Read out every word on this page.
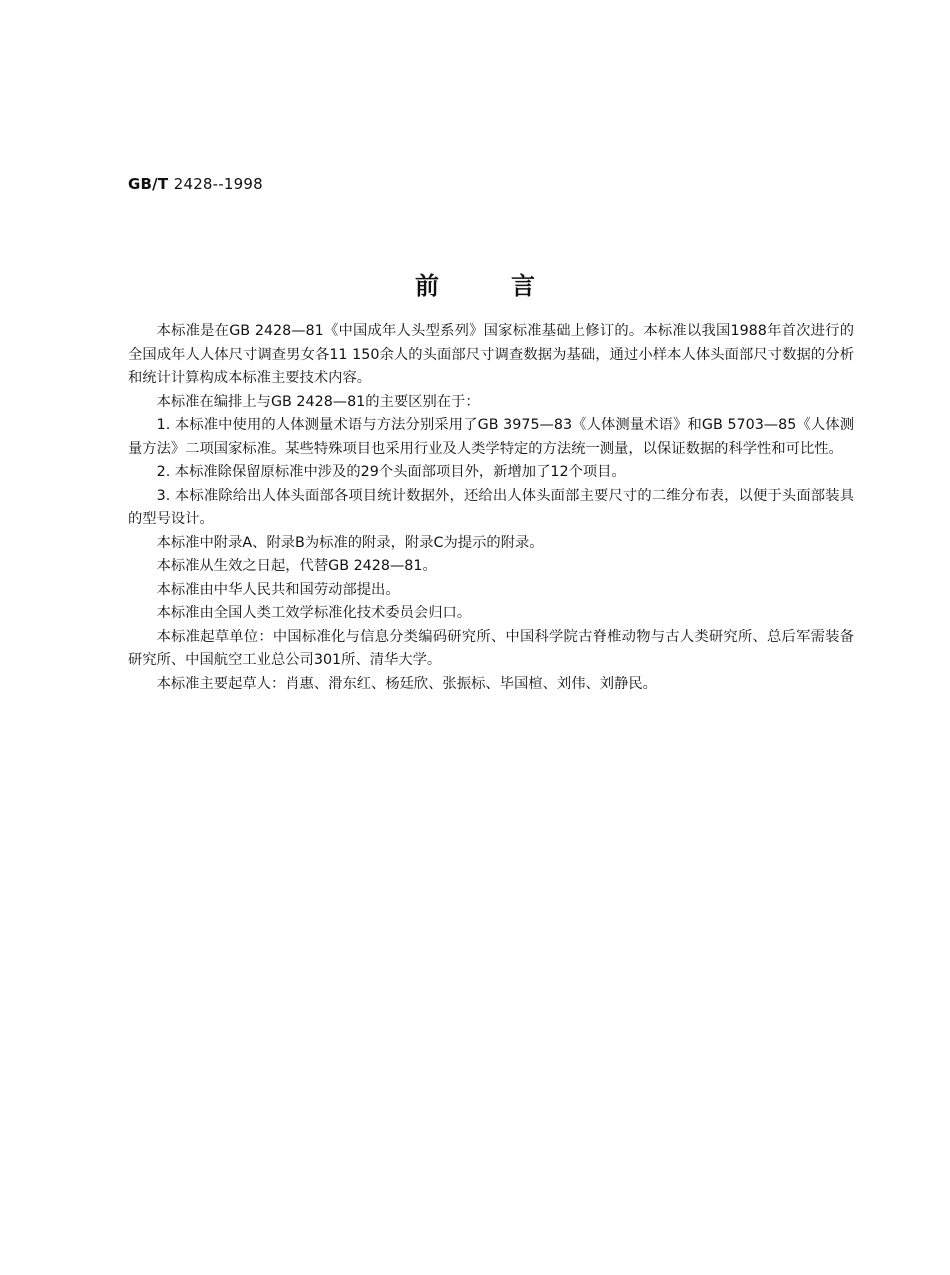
GB/T 2428--1998
前	言

本标准是在GB 2428—81《中国成年人头型系列》国家标准基础上修订的。本标准以我国1988年首次进行的全国成年人人体尺寸调查男女各11 150余人的头面部尺寸调查数据为基础，通过小样本人体头面部尺寸数据的分析和统计计算构成本标准主要技术内容。

本标准在编排上与GB 2428—81的主要区别在于：

1. 本标准中使用的人体测量术语与方法分别采用了GB 3975—83《人体测量术语》和GB 5703—85《人体测量方法》二项国家标准。某些特殊项目也采用行业及人类学特定的方法统一测量，以保证数据的科学性和可比性。

2. 本标准除保留原标准中涉及的29个头面部项目外，新增加了12个项目。

3. 本标准除给出人体头面部各项目统计数据外，还给出人体头面部主要尺寸的二维分布表，以便于头面部装具的型号设计。

本标准中附录A、附录B为标准的附录，附录C为提示的附录。

本标准从生效之日起，代替GB 2428—81。

本标准由中华人民共和国劳动部提出。

本标准由全国人类工效学标准化技术委员会归口。

本标准起草单位：中国标准化与信息分类编码研究所、中国科学院古脊椎动物与古人类研究所、总后军需装备研究所、中国航空工业总公司301所、清华大学。

本标准主要起草人：肖惠、滑东红、杨廷欣、张振标、毕国楦、刘伟、刘静民。
